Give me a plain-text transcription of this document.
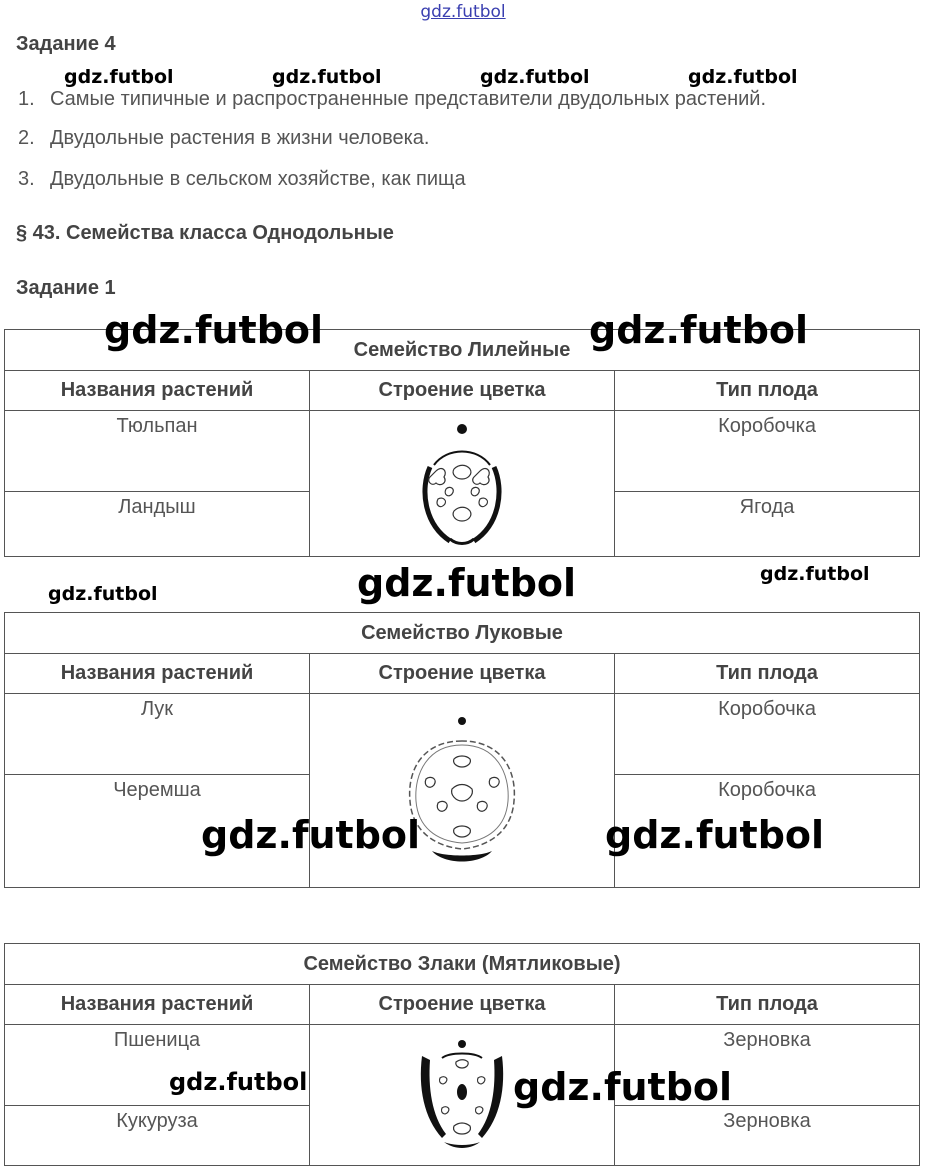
gdz.futbol
Задание 4
1. Самые типичные и распространенные представители двудольных растений.
2. Двудольные растения в жизни человека.
3. Двудольные в сельском хозяйстве, как пища
§ 43. Семейства класса Однодольные
Задание 1
Семейство Лилейные		
Названия растений	Строение цветка	Тип плода
Тюльпан		Коробочка
Ландыш		Ягода
Семейство Луковые		
Названия растений	Строение цветка	Тип плода
Лук		Коробочка
Черемша		Коробочка
Семейство Злаки (Мятликовые)		
Названия растений	Строение цветка	Тип плода
Пшеница		Зерновка
Кукуруза		Зерновка
gdz.futbol	gdz.futbol	gdz.futbol	gdz.futbol
gdz.futbol	gdz.futbol
gdz.futbol	gdz.futbol	gdz.futbol
gdz.futbol	gdz.futbol
gdz.futbol	gdz.futbol
